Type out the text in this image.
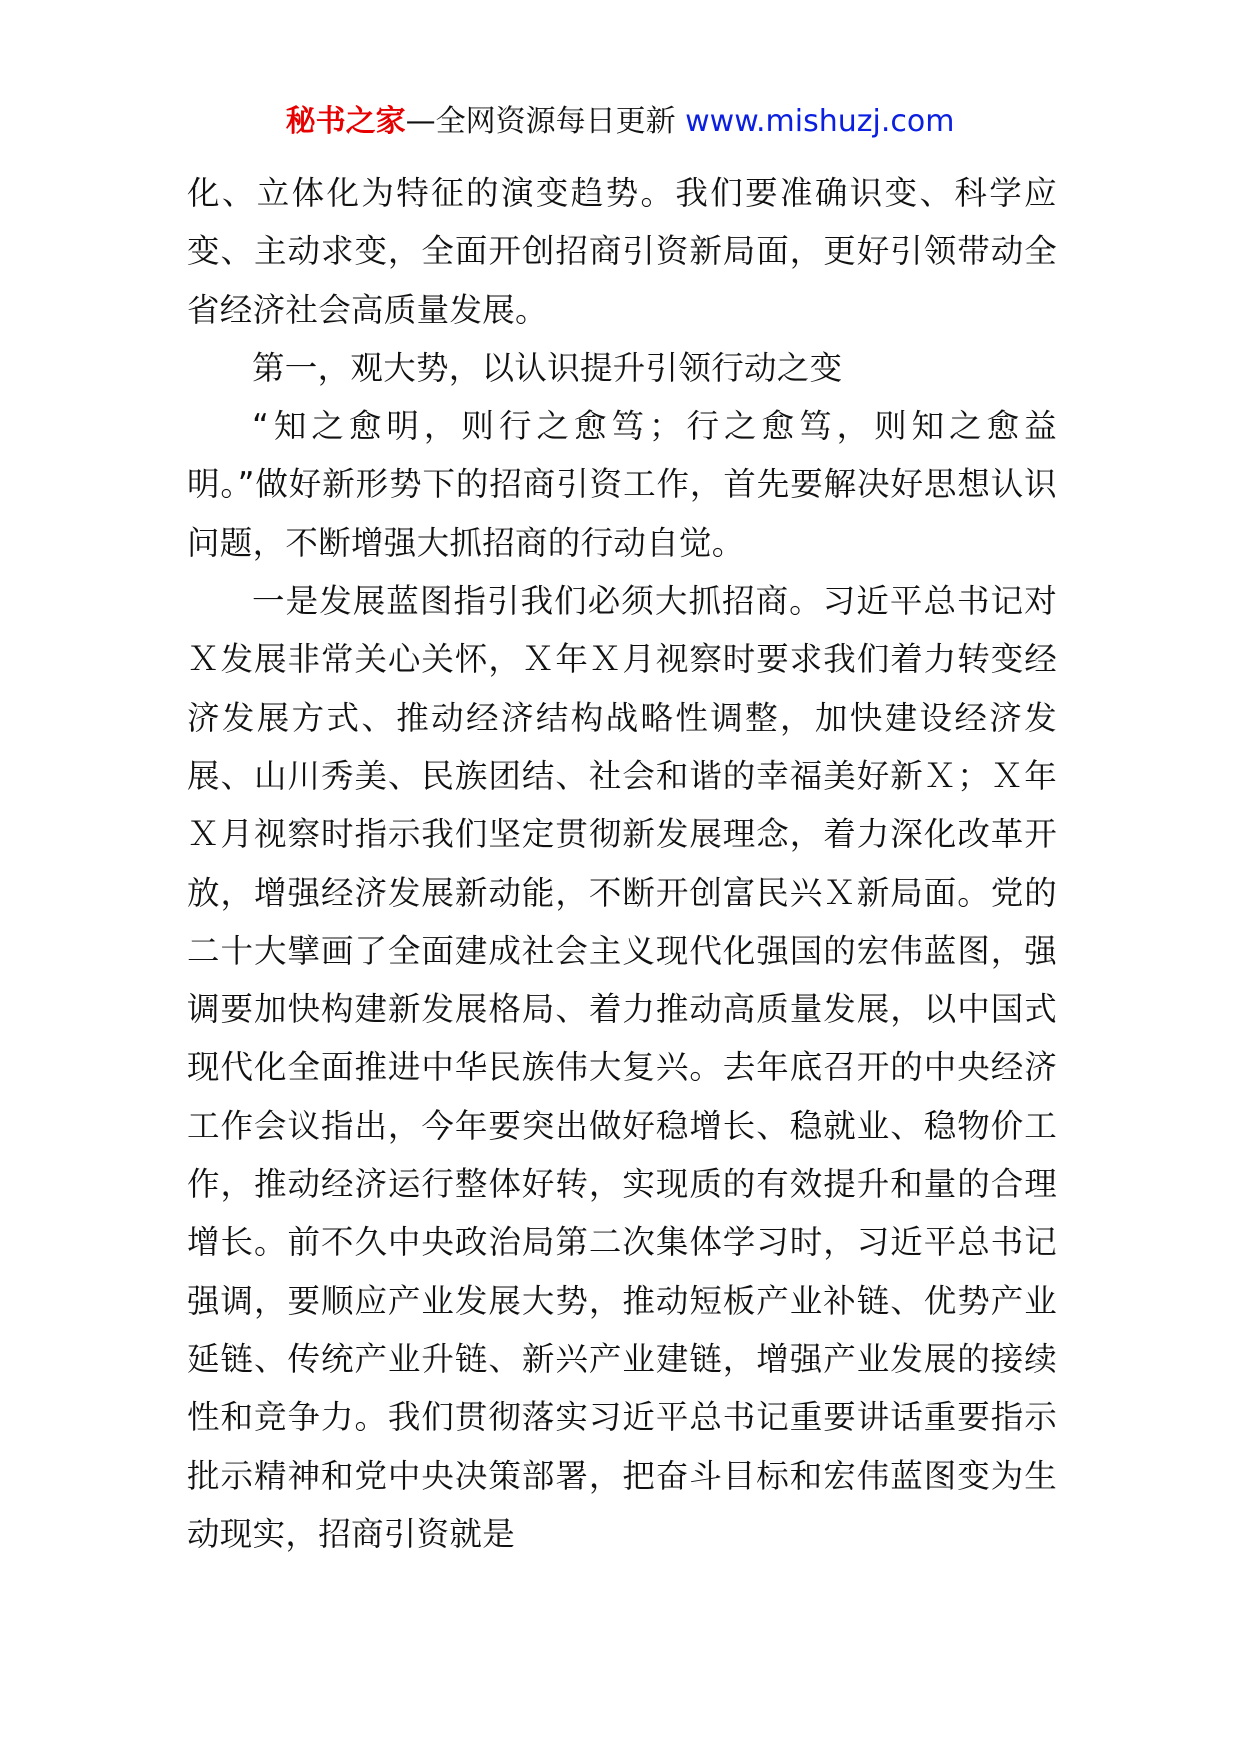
秘书之家—全网资源每日更新 www.mishuzj.com

化、立体化为特征的演变趋势。我们要准确识变、科学应变、主动求变，全面开创招商引资新局面，更好引领带动全省经济社会高质量发展。

第一，观大势，以认识提升引领行动之变

“知之愈明，则行之愈笃；行之愈笃，则知之愈益明。”做好新形势下的招商引资工作，首先要解决好思想认识问题，不断增强大抓招商的行动自觉。

一是发展蓝图指引我们必须大抓招商。习近平总书记对Ｘ发展非常关心关怀，Ｘ年Ｘ月视察时要求我们着力转变经济发展方式、推动经济结构战略性调整，加快建设经济发展、山川秀美、民族团结、社会和谐的幸福美好新Ｘ；Ｘ年Ｘ月视察时指示我们坚定贯彻新发展理念，着力深化改革开放，增强经济发展新动能，不断开创富民兴Ｘ新局面。党的二十大擘画了全面建成社会主义现代化强国的宏伟蓝图，强调要加快构建新发展格局、着力推动高质量发展，以中国式现代化全面推进中华民族伟大复兴。去年底召开的中央经济工作会议指出，今年要突出做好稳增长、稳就业、稳物价工作，推动经济运行整体好转，实现质的有效提升和量的合理增长。前不久中央政治局第二次集体学习时，习近平总书记强调，要顺应产业发展大势，推动短板产业补链、优势产业延链、传统产业升链、新兴产业建链，增强产业发展的接续性和竞争力。我们贯彻落实习近平总书记重要讲话重要指示批示精神和党中央决策部署，把奋斗目标和宏伟蓝图变为生动现实，招商引资就是
